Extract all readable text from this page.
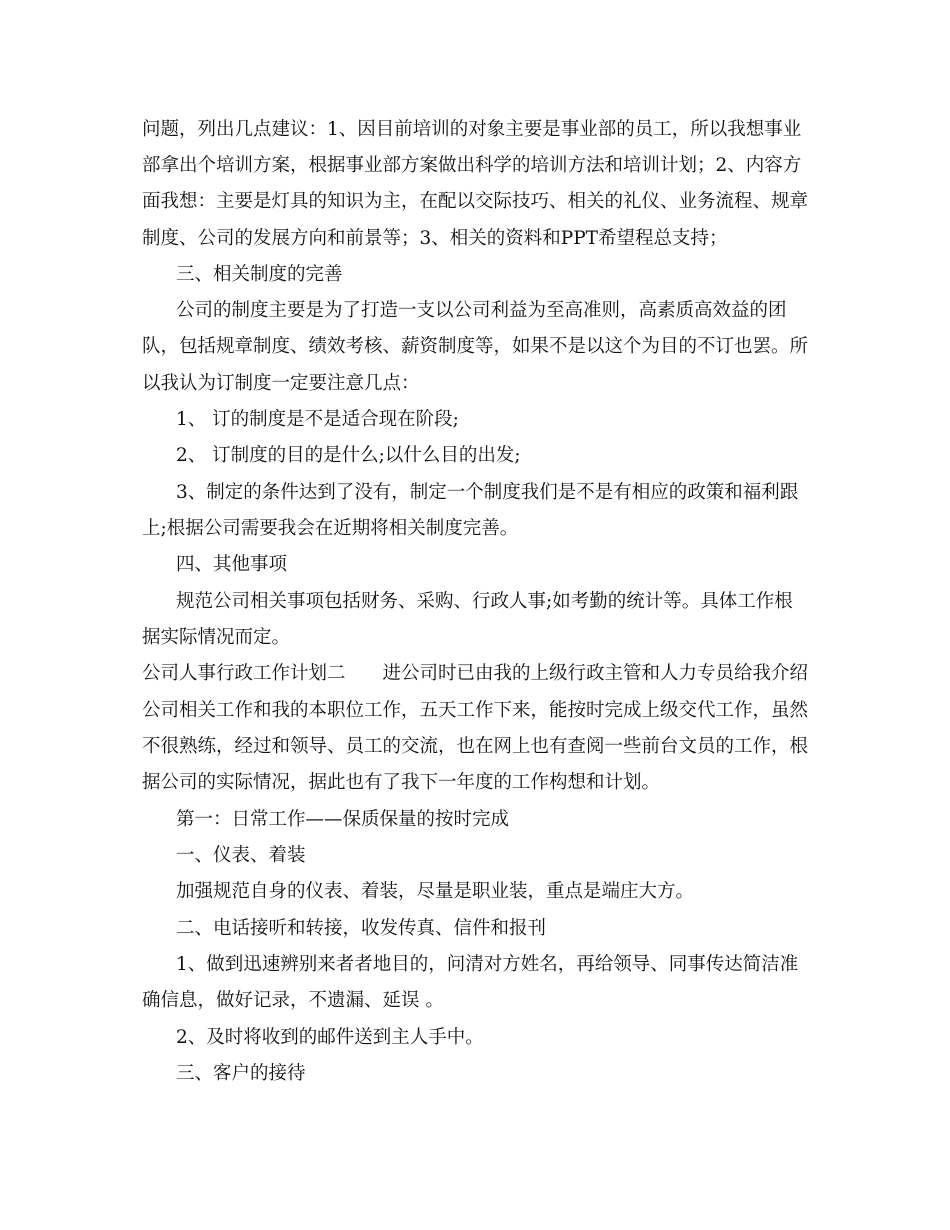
问题，列出几点建议：1、因目前培训的对象主要是事业部的员工，所以我想事业
部拿出个培训方案，根据事业部方案做出科学的培训方法和培训计划；2、内容方
面我想：主要是灯具的知识为主，在配以交际技巧、相关的礼仪、业务流程、规章
制度、公司的发展方向和前景等；3、相关的资料和PPT希望程总支持；
三、相关制度的完善
公司的制度主要是为了打造一支以公司利益为至高准则，高素质高效益的团
队，包括规章制度、绩效考核、薪资制度等，如果不是以这个为目的不订也罢。所
以我认为订制度一定要注意几点：
1、 订的制度是不是适合现在阶段;
2、 订制度的目的是什么;以什么目的出发;
3、制定的条件达到了没有，制定一个制度我们是不是有相应的政策和福利跟
上;根据公司需要我会在近期将相关制度完善。
四、其他事项
规范公司相关事项包括财务、采购、行政人事;如考勤的统计等。具体工作根
据实际情况而定。
公司人事行政工作计划二　　进公司时已由我的上级行政主管和人力专员给我介绍
公司相关工作和我的本职位工作，五天工作下来，能按时完成上级交代工作，虽然
不很熟练，经过和领导、员工的交流，也在网上也有查阅一些前台文员的工作，根
据公司的实际情况，据此也有了我下一年度的工作构想和计划。
第一：日常工作——保质保量的按时完成
一、仪表、着装
加强规范自身的仪表、着装，尽量是职业装，重点是端庄大方。
二、电话接听和转接，收发传真、信件和报刊
1、做到迅速辨别来者者地目的，问清对方姓名，再给领导、同事传达简洁准
确信息，做好记录，不遗漏、延误 。
2、及时将收到的邮件送到主人手中。
三、客户的接待
